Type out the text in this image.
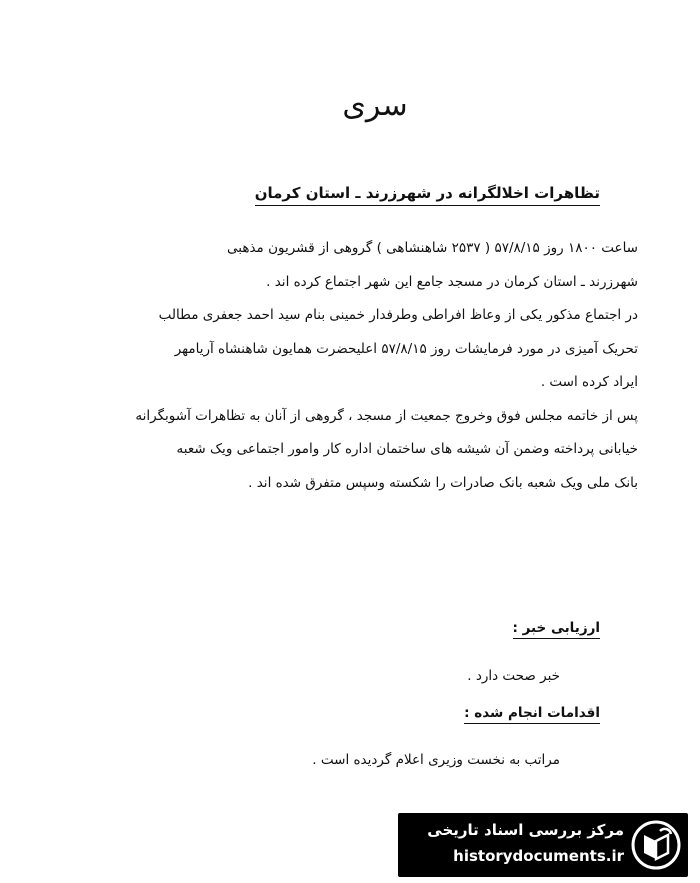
سری
تظاهرات اخلالگرانه در شهرزرند ـ استان کرمان
ساعت ۱۸۰۰ روز ۵۷/۸/۱۵ ( ۲۵۳۷ شاهنشاهی ) گروهی از قشریون مذهبی
شهرزرند ـ استان کرمان در مسجد جامع این شهر اجتماع کرده اند .
در اجتماع مذکور یکی از وعاظ افراطی وطرفدار خمینی بنام سید احمد جعفری مطالب
تحریک آمیزی در مورد فرمایشات روز ۵۷/۸/۱۵ اعلیحضرت همایون شاهنشاه آریامهر
ایراد کرده است .
پس از خاتمه مجلس فوق وخروج جمعیت از مسجد ، گروهی از آنان به تظاهرات آشوبگرانه
خیابانی پرداخته وضمن آن شیشه های ساختمان اداره کار وامور اجتماعی ویک شعبه
بانک ملی ویک شعبه بانک صادرات را شکسته وسپس متفرق شده اند .
ارزیابی خبر :
خبر صحت دارد .
اقدامات انجام شده :
مراتب به نخست وزیری اعلام گردیده است .
مرکز بررسی اسناد تاریخی
historydocuments.ir
